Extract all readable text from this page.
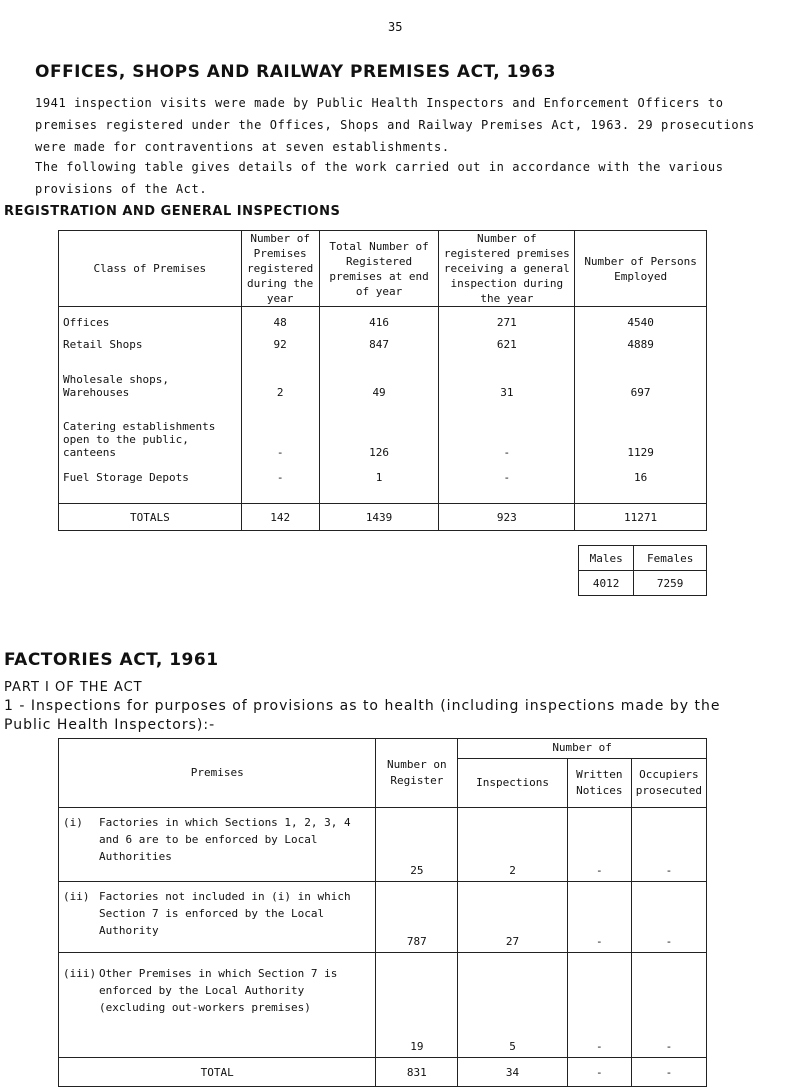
35
OFFICES, SHOPS AND RAILWAY PREMISES ACT, 1963
1941 inspection visits were made by Public Health Inspectors and Enforcement Officers to premises registered under the Offices, Shops and Railway Premises Act, 1963. 29 prosecutions were made for contraventions at seven establishments.
The following table gives details of the work carried out in accordance with the various provisions of the Act.
REGISTRATION AND GENERAL INSPECTIONS
Class of Premises	Number of Premises registered during the year	Total Number of Registered premises at end of year	Number of registered premises receiving a general inspection during the year	Number of Persons Employed
Offices	48	416	271	4540
Retail Shops	92	847	621	4889
Wholesale shops, Warehouses	2	49	31	697
Catering establishments open to the public, canteens	-	126	-	1129
Fuel Storage Depots	-	1	-	16
TOTALS	142	1439	923	11271
Males	Females
4012	7259
FACTORIES ACT, 1961
PART I OF THE ACT
1 - Inspections for purposes of provisions as to health (including inspections made by the Public Health Inspectors):-
Premises	Number on Register	Number of		
		Inspections	Written Notices	Occupiers prosecuted

(i) Factories in which Sections 1, 2, 3, 4 and 6 are to be enforced by Local Authorities	25	2	-	-

(ii) Factories not included in (i) in which Section 7 is enforced by the Local Authority	787	27	-	-

(iii) Other Premises in which Section 7 is enforced by the Local Authority (excluding out-workers premises)	19	5	-	-
TOTAL	831	34	-	-
